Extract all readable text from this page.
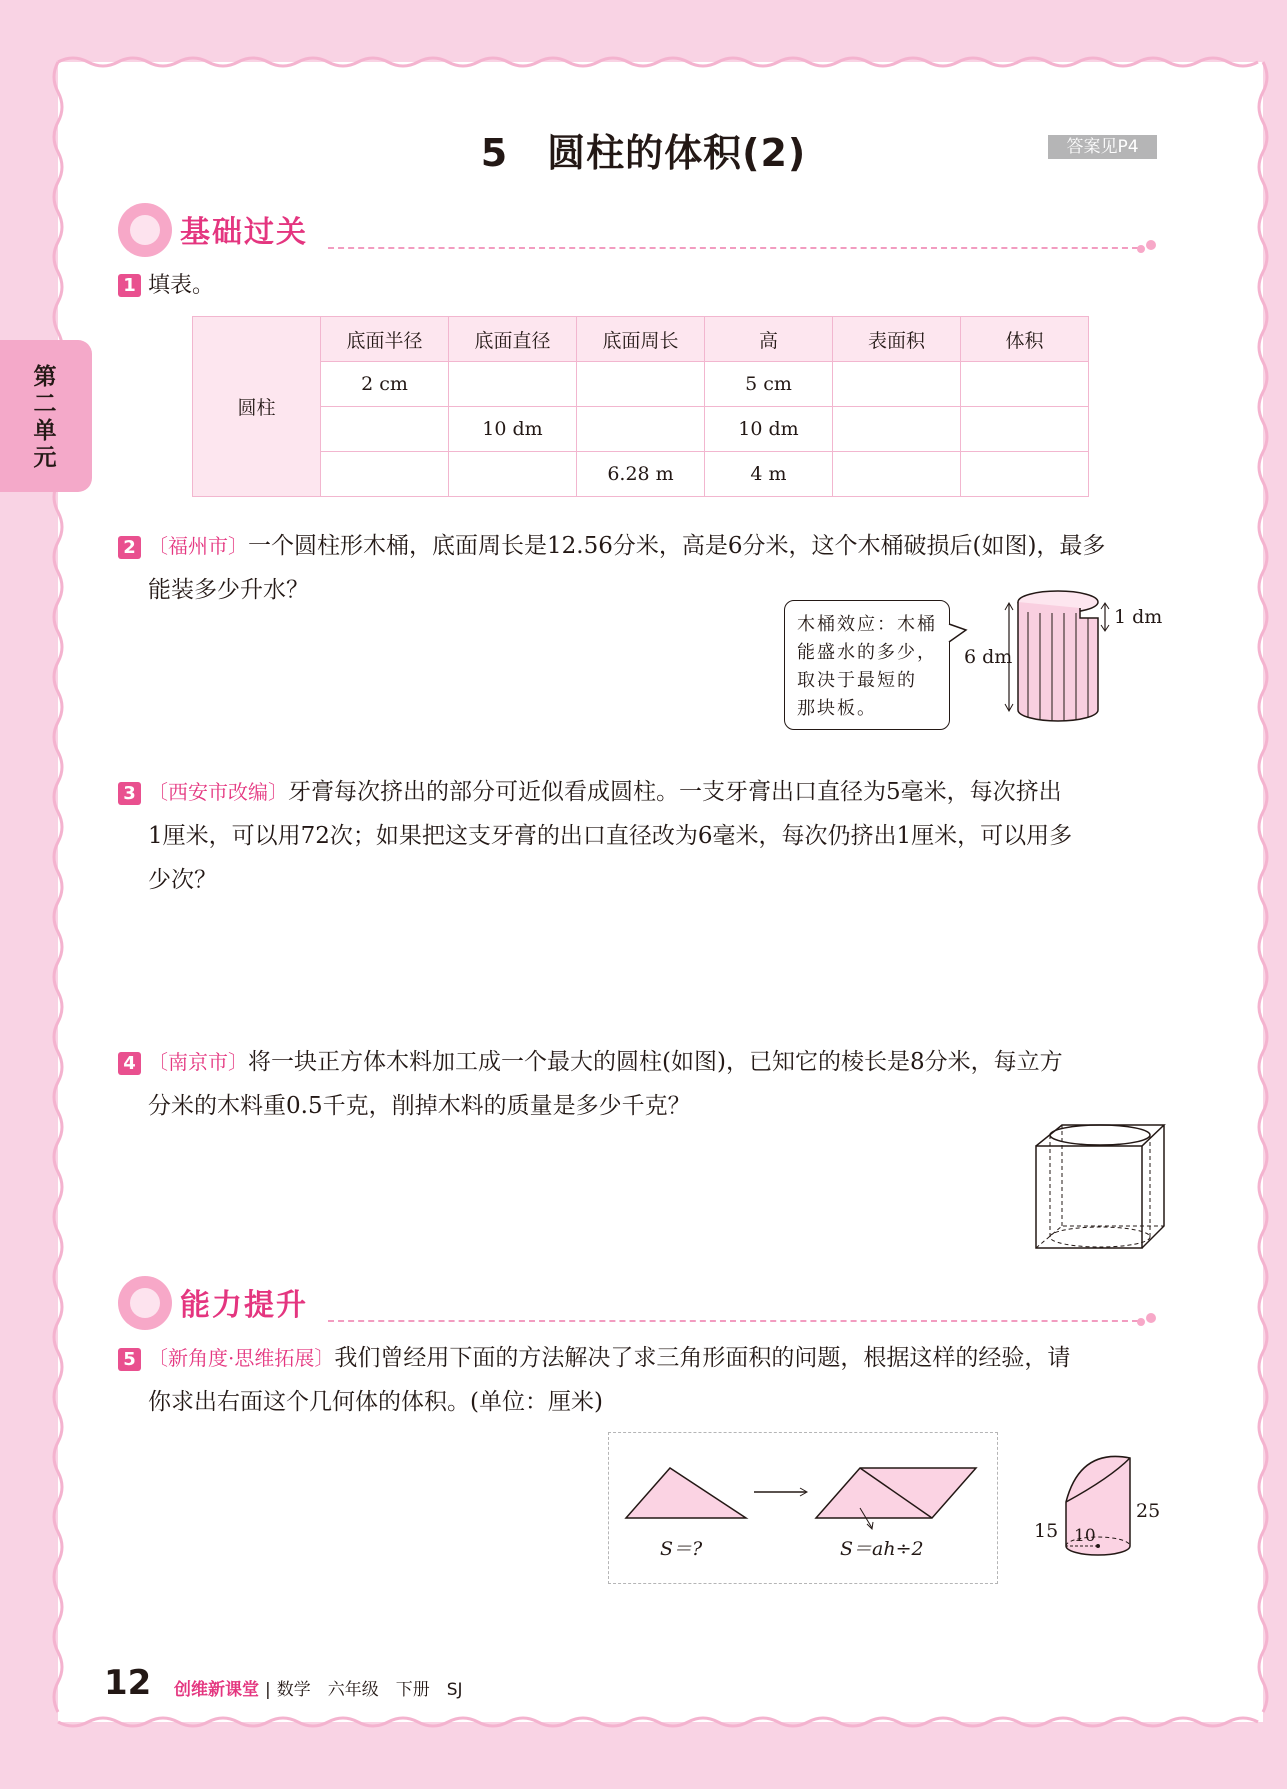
第二单元
5　圆柱的体积(2)	答案见P4
基础过关
1 填表。
圆柱	底面半径	底面直径	底面周长	高	表面积	体积
	2 cm			5 cm		
		10 dm		10 dm		
			6.28 m	4 m		
2 〔福州市〕一个圆柱形木桶，底面周长是12.56分米，高是6分米，这个木桶破损后(如图)，最多
能装多少升水？
木桶效应：木桶
能盛水的多少，
取决于最短的
那块板。
6 dm
1 dm
3 〔西安市改编〕牙膏每次挤出的部分可近似看成圆柱。一支牙膏出口直径为5毫米，每次挤出
1厘米，可以用72次；如果把这支牙膏的出口直径改为6毫米，每次仍挤出1厘米，可以用多
少次？
4 〔南京市〕将一块正方体木料加工成一个最大的圆柱(如图)，已知它的棱长是8分米，每立方
分米的木料重0.5千克，削掉木料的质量是多少千克？
能力提升
5 〔新角度·思维拓展〕我们曾经用下面的方法解决了求三角形面积的问题，根据这样的经验，请
你求出右面这个几何体的体积。(单位：厘米)
S＝?	S＝ah÷2
15
25
10
12 创维新课堂 | 数学　六年级　下册　SJ
